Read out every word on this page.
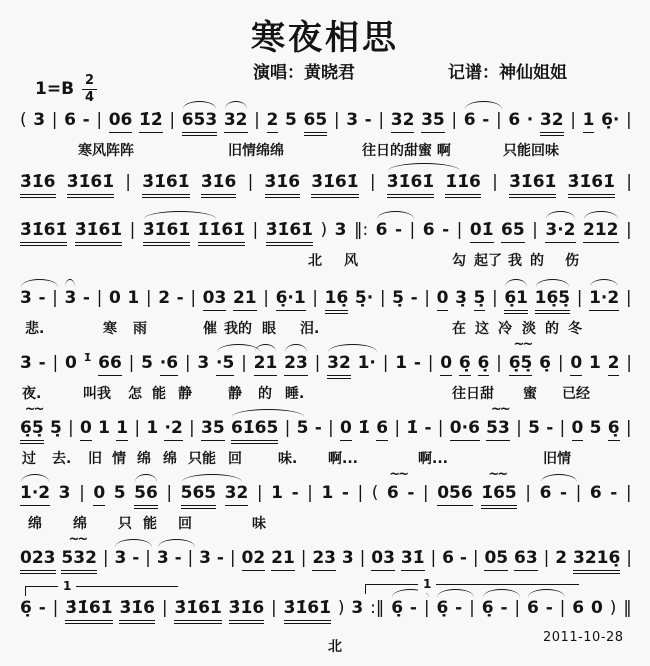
寒夜相思
演唱：黄晓君	记谱：神仙姐姐
$1=B \frac{2}{4}$
( 3 | 6 - | 06 1̇2̇ | 653 32 | 2 5 65 | 3 - | 32 35 | 6 - | 6 · 32 | 1 6̣· |
寒风阵阵	旧情绵绵	往日的甜蜜 啊	只能回味
3̇1̇6 3̇1̇61̇ | 3̇1̇61̇ 3̇1̇6 | 3̇1̇6 3̇1̇61̇ | 3̇1̇61̇ 1̇1̇6 | 3̇1̇61̇ 3̇1̇61̇ |
3̇1̇61̇ 3̇1̇61̇ | 3̇1̇61̇ 1̇1̇61̇ | 3̇1̇61̇ ) 3 ‖: 6 - | 6 - | 01̇ 65 | 3·2 212 |
北 风	勾 起了 我 的 伤
3 - | 3 - | 0 1 | 2 - | 03 21 | 6̣·1 | 16̣ 5̣· | 5̣ - | 0 3̣ 5̣ | 6̣1 16̣5̣ | 1·2 |
悲.	寒 雨	催 我的 眼 泪.	在 这 冷 淡 的 冬
3 - | 0 1̇ 66 | 5 ·6 | 3 ·5 | 21 23 | 32 1· | 1 - | 0 6̣ 6̣ | 6̣5̣
~~
6̣ | 0 1 2 |
夜.	叫我 怎 能 静	静 的 睡.	往日甜 蜜 已经
6̣5̣
~~
5̣ | 0 1 1 | 1 ·2 | 35 61̇65 | 5 - | 0 1̇ 6 | 1̇ - | 0·6 53
~~
| 5 - | 0 5 6̣ |
过 去. 旧 情 绵 绵 只能 回	味. 啊...	啊...	旧情
1·2 3 | 0 5 56 | 565 32 | 1 - | 1 - | ( 6
~~
- | 056 1̇65
~~
| 6 - | 6 - |
绵 绵 只 能 回	味
023 532
~~
| 3 - | 3 - | 3 - | 02 21 | 23 3 | 03 31̇ | 6 - | 05 63 | 2 3216̣ |
6̣ - | 3̇1̇61̇ 3̇1̇6 | 3̇1̇61̇ 3̇1̇6 | 3̇1̇61̇ ) 3 :‖ 6̣ - | 6̣ - | 6̣ - | 6 - | 6 0 ) ‖
北
1	1
2011-10-28
